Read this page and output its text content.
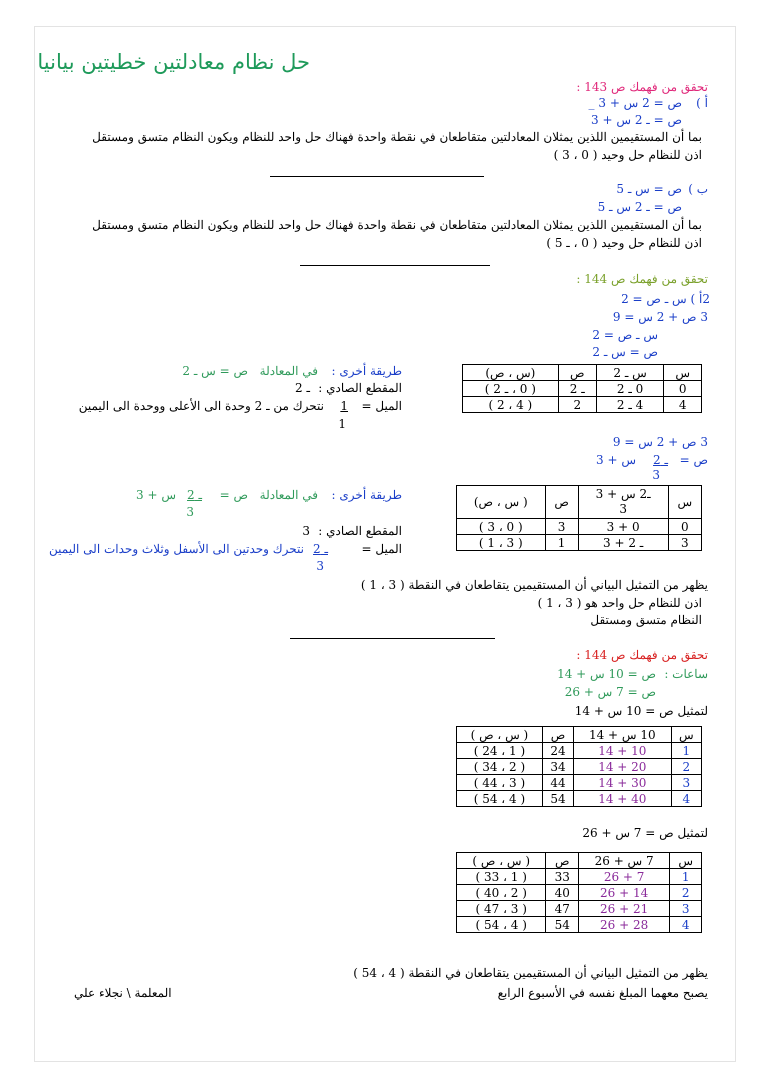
حل نظام معادلتين خطيتين بيانيا
تحقق من فهمك ص 143 :
أ )
ص = 2 س + 3 _
ص = ـ 2 س + 3
بما أن المستقيمين اللذين يمثلان المعادلتين متقاطعان في نقطة واحدة فهناك حل واحد للنظام ويكون النظام متسق ومستقل
اذن للنظام حل وحيد ( 0 ، 3 )
ب )
ص = س ـ 5
ص = ـ 2 س ـ 5
بما أن المستقيمين اللذين يمثلان المعادلتين متقاطعان في نقطة واحدة فهناك حل واحد للنظام ويكون النظام متسق ومستقل
اذن للنظام حل وحيد ( 0 ، ـ 5 )
تحقق من فهمك ص 144 :
2أ ) س ـ ص = 2
3 ص + 2 س = 9
س ـ ص = 2
ص = س ـ 2
س	س ـ 2	ص	(س ، ص)
0	0 ـ 2	ـ 2	( 0 ، ـ 2 )
4	4 ـ 2	2	( 4 ، 2 )
طريقة أخرى :
في المعادلة
ص = س ـ 2
المقطع الصادي :
ـ 2
الميل =
1
1
نتحرك من ـ 2 وحدة الى الأعلى ووحدة الى اليمين
3 ص + 2 س = 9
ص =
ـ 2
س + 3
3
س	ـ2 س + 3
3	ص	( س ، ص)
0	0 + 3	3	( 0 ، 3 )
3	ـ 2 + 3	1	( 3 ، 1 )
طريقة أخرى :
في المعادلة
ص =
ـ 2
س + 3
3
المقطع الصادي :
3
الميل =
ـ 2
3
نتحرك وحدتين الى الأسفل وثلاث وحدات الى اليمين
يظهر من التمثيل البياني أن المستقيمين يتقاطعان في النقطة ( 3 ، 1 )
اذن للنظام حل واحد هو ( 3 ، 1 )
النظام متسق ومستقل
تحقق من فهمك ص 144 :
ساعات :
ص = 10 س + 14
ص = 7 س + 26
لتمثيل ص = 10 س + 14
س	10 س + 14	ص	( س ، ص )
1	10 + 14	24	( 1 ، 24 )
2	20 + 14	34	( 2 ، 34 )
3	30 + 14	44	( 3 ، 44 )
4	40 + 14	54	( 4 ، 54 )
لتمثيل ص = 7 س + 26
س	7 س + 26	ص	( س ، ص )
1	7 + 26	33	( 1 ، 33 )
2	14 + 26	40	( 2 ، 40 )
3	21 + 26	47	( 3 ، 47 )
4	28 + 26	54	( 4 ، 54 )
يظهر من التمثيل البياني أن المستقيمين يتقاطعان في النقطة ( 4 ، 54 )
يصبح معهما المبلغ نفسه في الأسبوع الرابع
المعلمة \ نجلاء علي
